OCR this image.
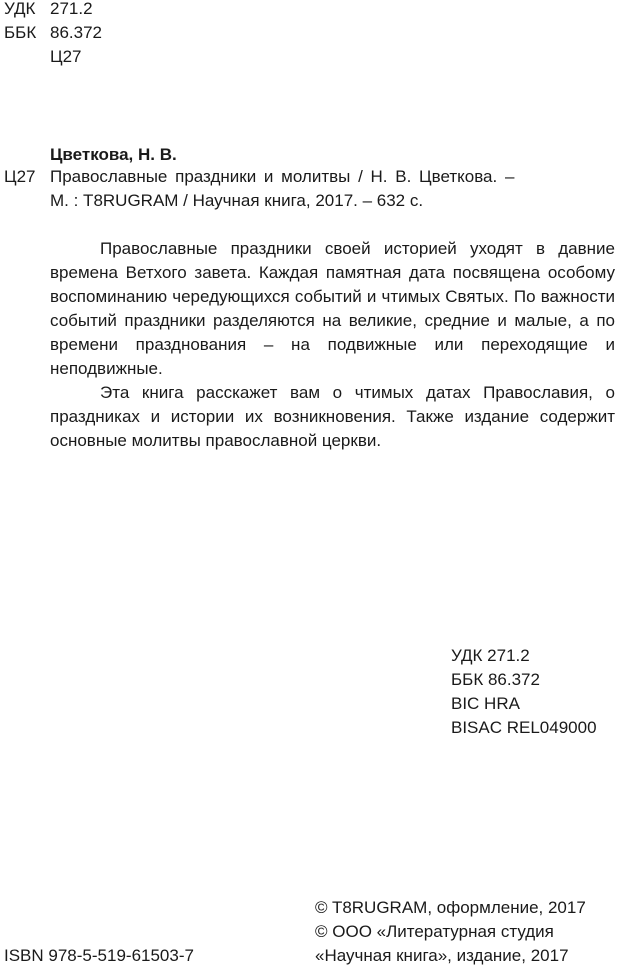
УДК 271.2
ББК 86.372
Ц27
Цветкова, Н. В.
Ц27 Православные праздники и молитвы / Н. В. Цветкова. –
М. : T8RUGRAM / Научная книга, 2017. – 632 с.

Православные праздники своей историей уходят в давние времена Ветхого завета. Каждая памятная дата посвящена особому воспоминанию чередующихся событий и чтимых Святых. По важности событий праздники разделяются на великие, средние и малые, а по времени празднования – на подвижные или переходящие и неподвижные.

Эта книга расскажет вам о чтимых датах Православия, о праздниках и истории их возникновения. Также издание содержит основные молитвы православной церкви.

УДК 271.2
ББК 86.372
BIC HRA
BISAC REL049000
© T8RUGRAM, оформление, 2017
© ООО «Литературная студия
«Научная книга», издание, 2017
ISBN 978-5-519-61503-7
